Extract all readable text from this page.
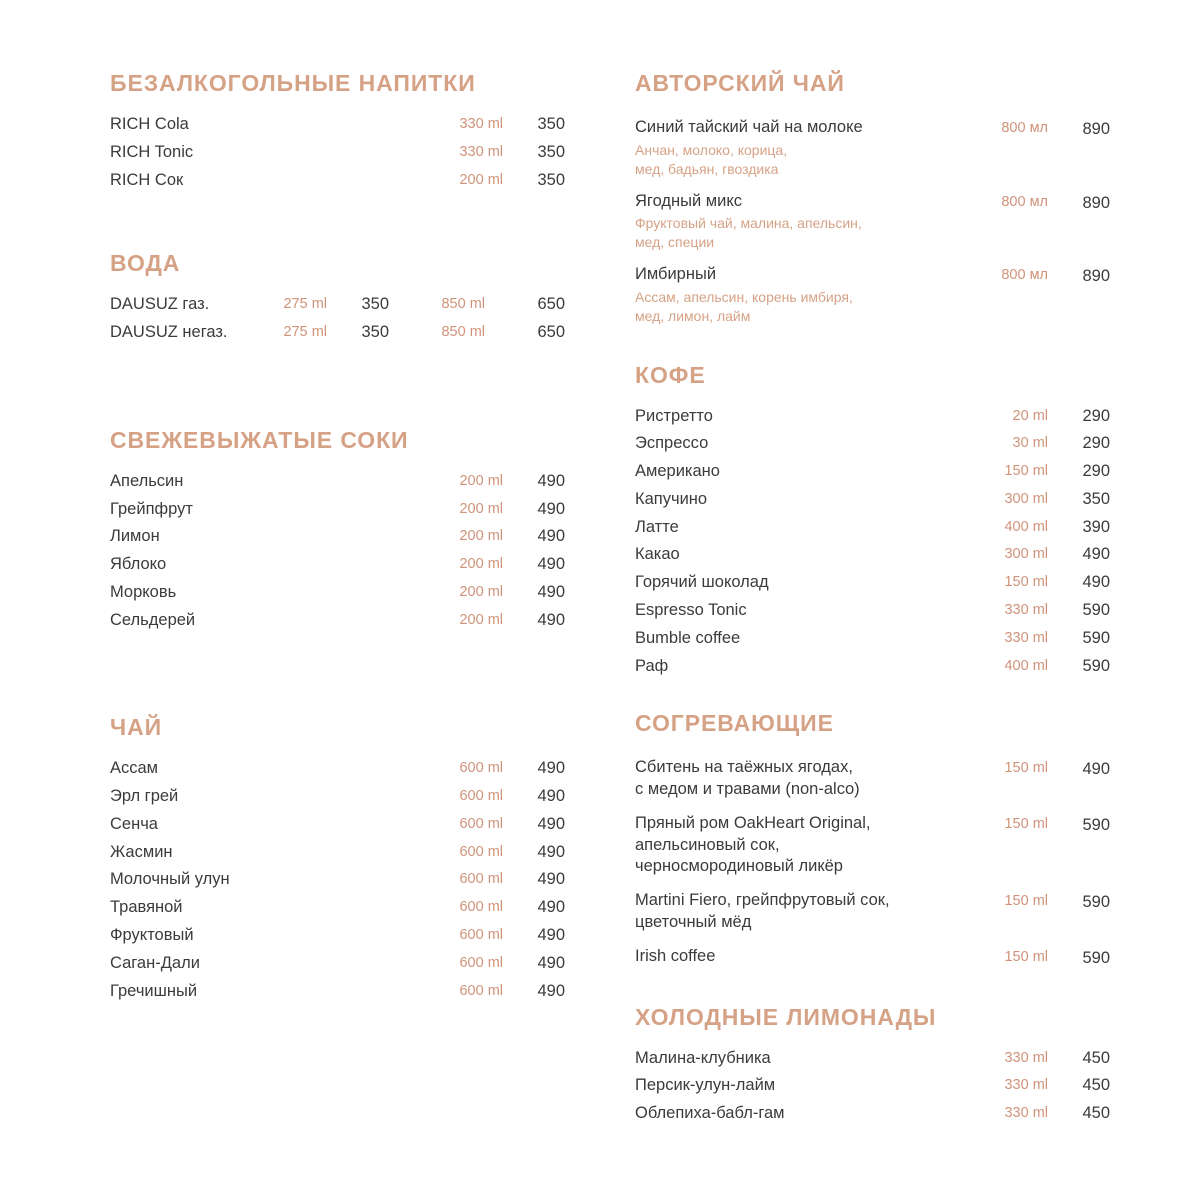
БЕЗАЛКОГОЛЬНЫЕ НАПИТКИ
RICH Cola	330 ml	350
RICH Tonic	330 ml	350
RICH Сок	200 ml	350
ВОДА
DAUSUZ газ.	275 ml	350	850 ml	650
DAUSUZ негаз.	275 ml	350	850 ml	650
СВЕЖЕВЫЖАТЫЕ СОКИ
Апельсин	200 ml	490
Грейпфрут	200 ml	490
Лимон	200 ml	490
Яблоко	200 ml	490
Морковь	200 ml	490
Сельдерей	200 ml	490
ЧАЙ
Ассам	600 ml	490
Эрл грей	600 ml	490
Сенча	600 ml	490
Жасмин	600 ml	490
Молочный улун	600 ml	490
Травяной	600 ml	490
Фруктовый	600 ml	490
Саган-Дали	600 ml	490
Гречишный	600 ml	490
АВТОРСКИЙ ЧАЙ
Синий тайский чай на молоке
Анчан, молоко, корица,
мед, бадьян, гвоздика
800 мл	890
Ягодный микс
Фруктовый чай, малина, апельсин,
мед, специи
800 мл	890
Имбирный
Ассам, апельсин, корень имбиря,
мед, лимон, лайм
800 мл	890
КОФЕ
Ристретто	20 ml	290
Эспрессо	30 ml	290
Американо	150 ml	290
Капучино	300 ml	350
Латте	400 ml	390
Какао	300 ml	490
Горячий шоколад	150 ml	490
Espresso Tonic	330 ml	590
Bumble coffee	330 ml	590
Раф	400 ml	590
СОГРЕВАЮЩИЕ
Сбитень на таёжных ягодах,
с медом и травами (non-alco)
150 ml	490
Пряный ром OakHeart Original,
апельсиновый сок,
черносмородиновый ликёр
150 ml	590
Martini Fiero, грейпфрутовый сок,
цветочный мёд
150 ml	590
Irish coffee	150 ml	590
ХОЛОДНЫЕ ЛИМОНАДЫ
Малина-клубника	330 ml	450
Персик-улун-лайм	330 ml	450
Облепиха-бабл-гам	330 ml	450
